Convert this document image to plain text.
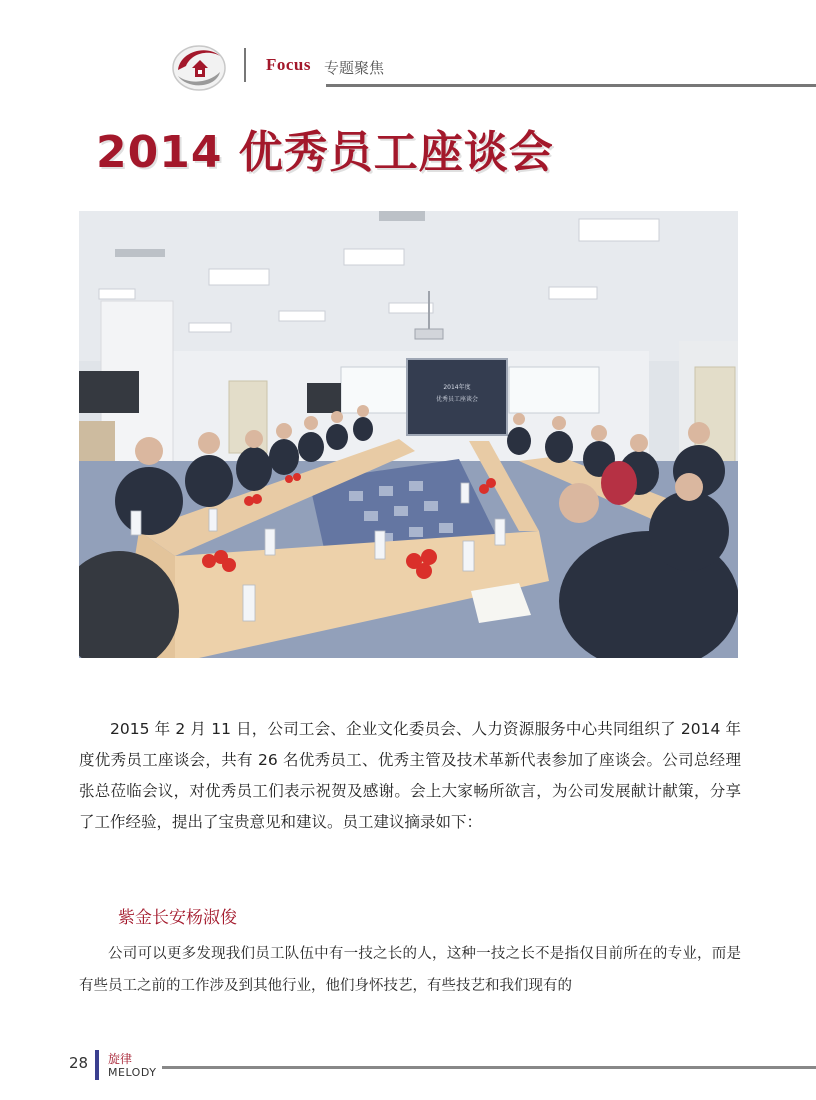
Focus 专题聚焦
2014 优秀员工座谈会
2014年度
优秀员工座谈会

2015 年 2 月 11 日，公司工会、企业文化委员会、人力资源服务中心共同组织了 2014 年度优秀员工座谈会，共有 26 名优秀员工、优秀主管及技术革新代表参加了座谈会。公司总经理张总莅临会议，对优秀员工们表示祝贺及感谢。会上大家畅所欲言，为公司发展献计献策，分享了工作经验，提出了宝贵意见和建议。员工建议摘录如下：

紫金长安杨淑俊

公司可以更多发现我们员工队伍中有一技之长的人，这种一技之长不是指仅目前所在的专业，而是有些员工之前的工作涉及到其他行业，他们身怀技艺，有些技艺和我们现有的

28 旋律
MELODY
